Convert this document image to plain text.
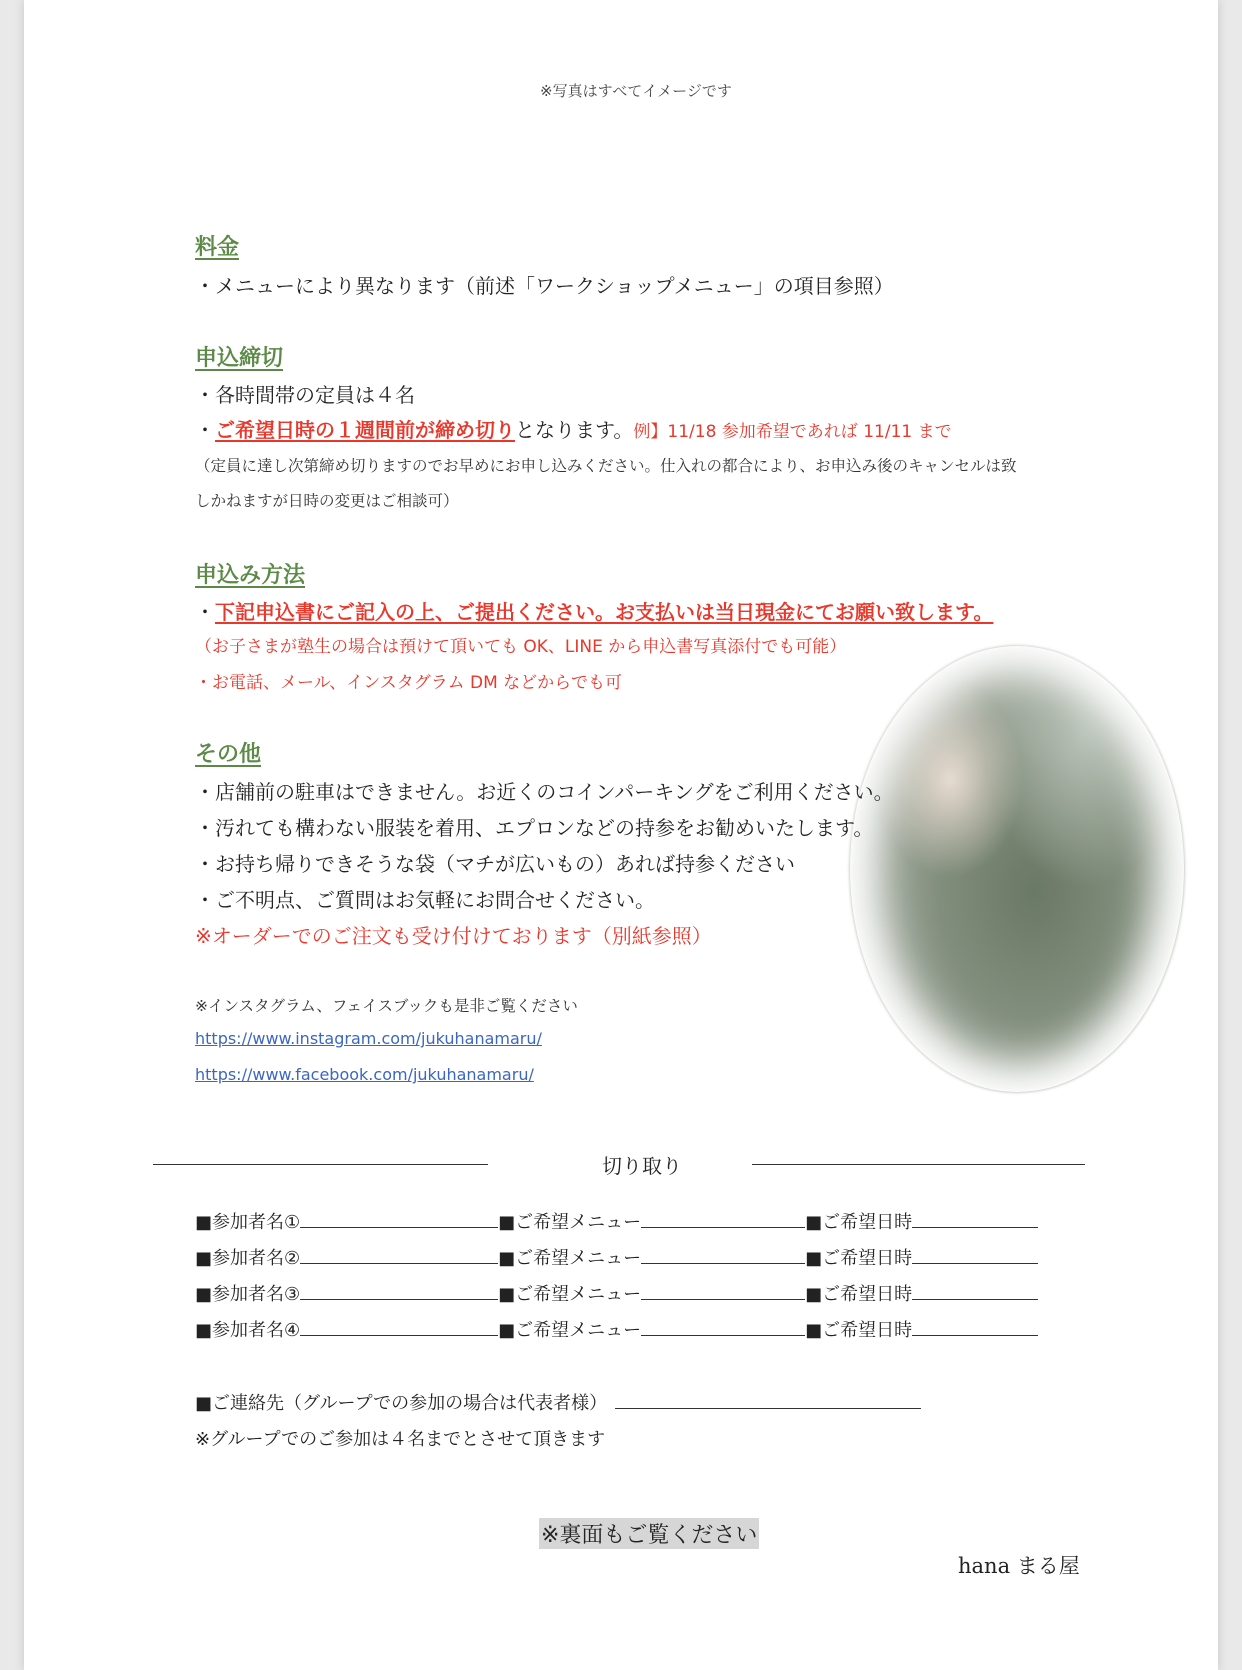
※写真はすべてイメージです
料金
・メニューにより異なります（前述「ワークショップメニュー」の項目参照）
申込締切
・各時間帯の定員は４名
・ご希望日時の１週間前が締め切りとなります。例】11/18 参加希望であれば 11/11 まで
（定員に達し次第締め切りますのでお早めにお申し込みください。仕入れの都合により、お申込み後のキャンセルは致
しかねますが日時の変更はご相談可）
申込み方法
・下記申込書にご記入の上、ご提出ください。お支払いは当日現金にてお願い致します。
（お子さまが塾生の場合は預けて頂いても OK、LINE から申込書写真添付でも可能）
・お電話、メール、インスタグラム DM などからでも可
その他
・店舗前の駐車はできません。お近くのコインパーキングをご利用ください。
・汚れても構わない服装を着用、エプロンなどの持参をお勧めいたします。
・お持ち帰りできそうな袋（マチが広いもの）あれば持参ください
・ご不明点、ご質問はお気軽にお問合せください。
※オーダーでのご注文も受け付けております（別紙参照）
※インスタグラム、フェイスブックも是非ご覧ください
https://www.instagram.com/jukuhanamaru/
https://www.facebook.com/jukuhanamaru/
切り取り
■参加者名①	■ご希望メニュー	■ご希望日時
■参加者名②	■ご希望メニュー	■ご希望日時
■参加者名③	■ご希望メニュー	■ご希望日時
■参加者名④	■ご希望メニュー	■ご希望日時
■ご連絡先（グループでの参加の場合は代表者様）
※グループでのご参加は４名までとさせて頂きます
※裏面もご覧ください
hana まる屋
